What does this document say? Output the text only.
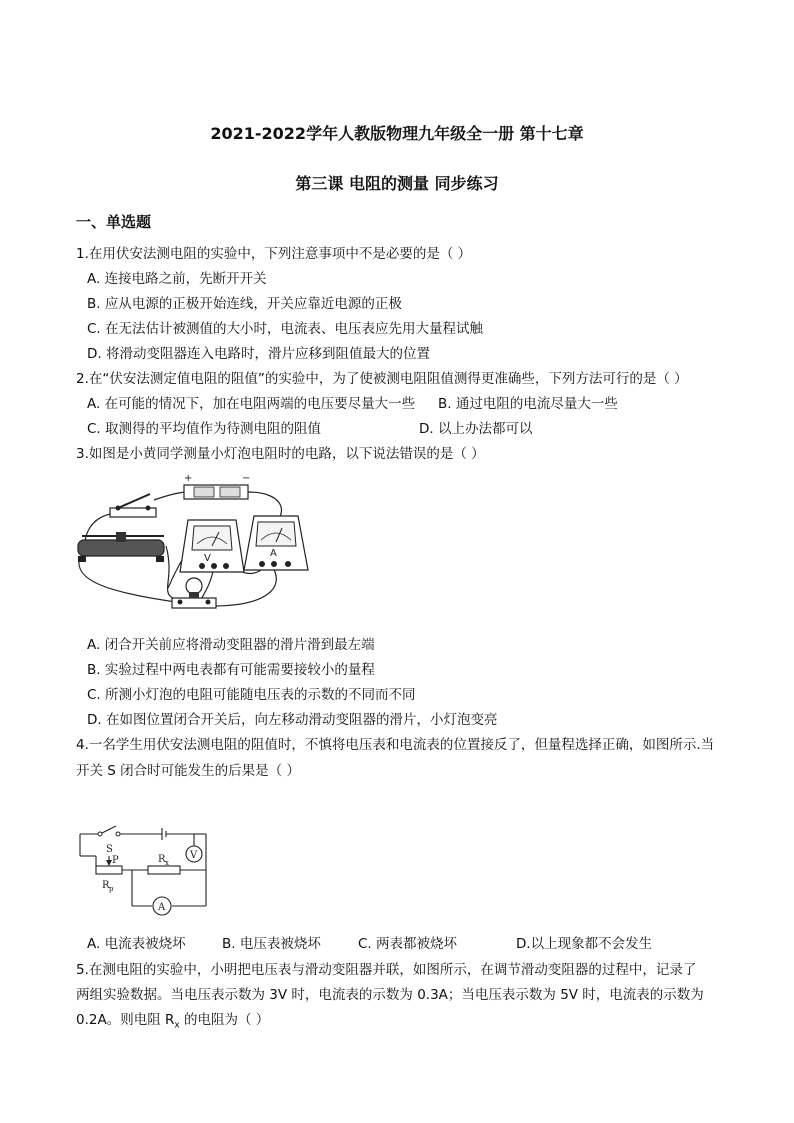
2021-2022学年人教版物理九年级全一册 第十七章
第三课 电阻的测量 同步练习
一、单选题
1.在用伏安法测电阻的实验中，下列注意事项中不是必要的是（ ）
A. 连接电路之前，先断开开关
B. 应从电源的正极开始连线，开关应靠近电源的正极
C. 在无法估计被测值的大小时，电流表、电压表应先用大量程试触
D. 将滑动变阻器连入电路时，滑片应移到阻值最大的位置
2.在“伏安法测定值电阻的阻值”的实验中，为了使被测电阻阻值测得更准确些，下列方法可行的是（ ）
A. 在可能的情况下，加在电阻两端的电压要尽量大一些 B. 通过电阻的电流尽量大一些
C. 取测得的平均值作为待测电阻的阻值	D. 以上办法都可以
3.如图是小黄同学测量小灯泡电阻时的电路，以下说法错误的是（ ）
+	−
V	A
A. 闭合开关前应将滑动变阻器的滑片滑到最左端
B. 实验过程中两电表都有可能需要接较小的量程
C. 所测小灯泡的电阻可能随电压表的示数的不同而不同
D. 在如图位置闭合开关后，向左移动滑动变阻器的滑片，小灯泡变亮
4.一名学生用伏安法测电阻的阻值时，不慎将电压表和电流表的位置接反了，但量程选择正确，如图所示.当
开关 S 闭合时可能发生的后果是（ ）
V
A
S
P
R p
R x
A. 电流表被烧坏	B. 电压表被烧坏	C. 两表都被烧坏	D.以上现象都不会发生
5.在测电阻的实验中，小明把电压表与滑动变阻器并联，如图所示，在调节滑动变阻器的过程中，记录了
两组实验数据。当电压表示数为 3V 时，电流表的示数为 0.3A；当电压表示数为 5V 时，电流表的示数为
0.2A。则电阻 $R_x$ 的电阻为（ ）
